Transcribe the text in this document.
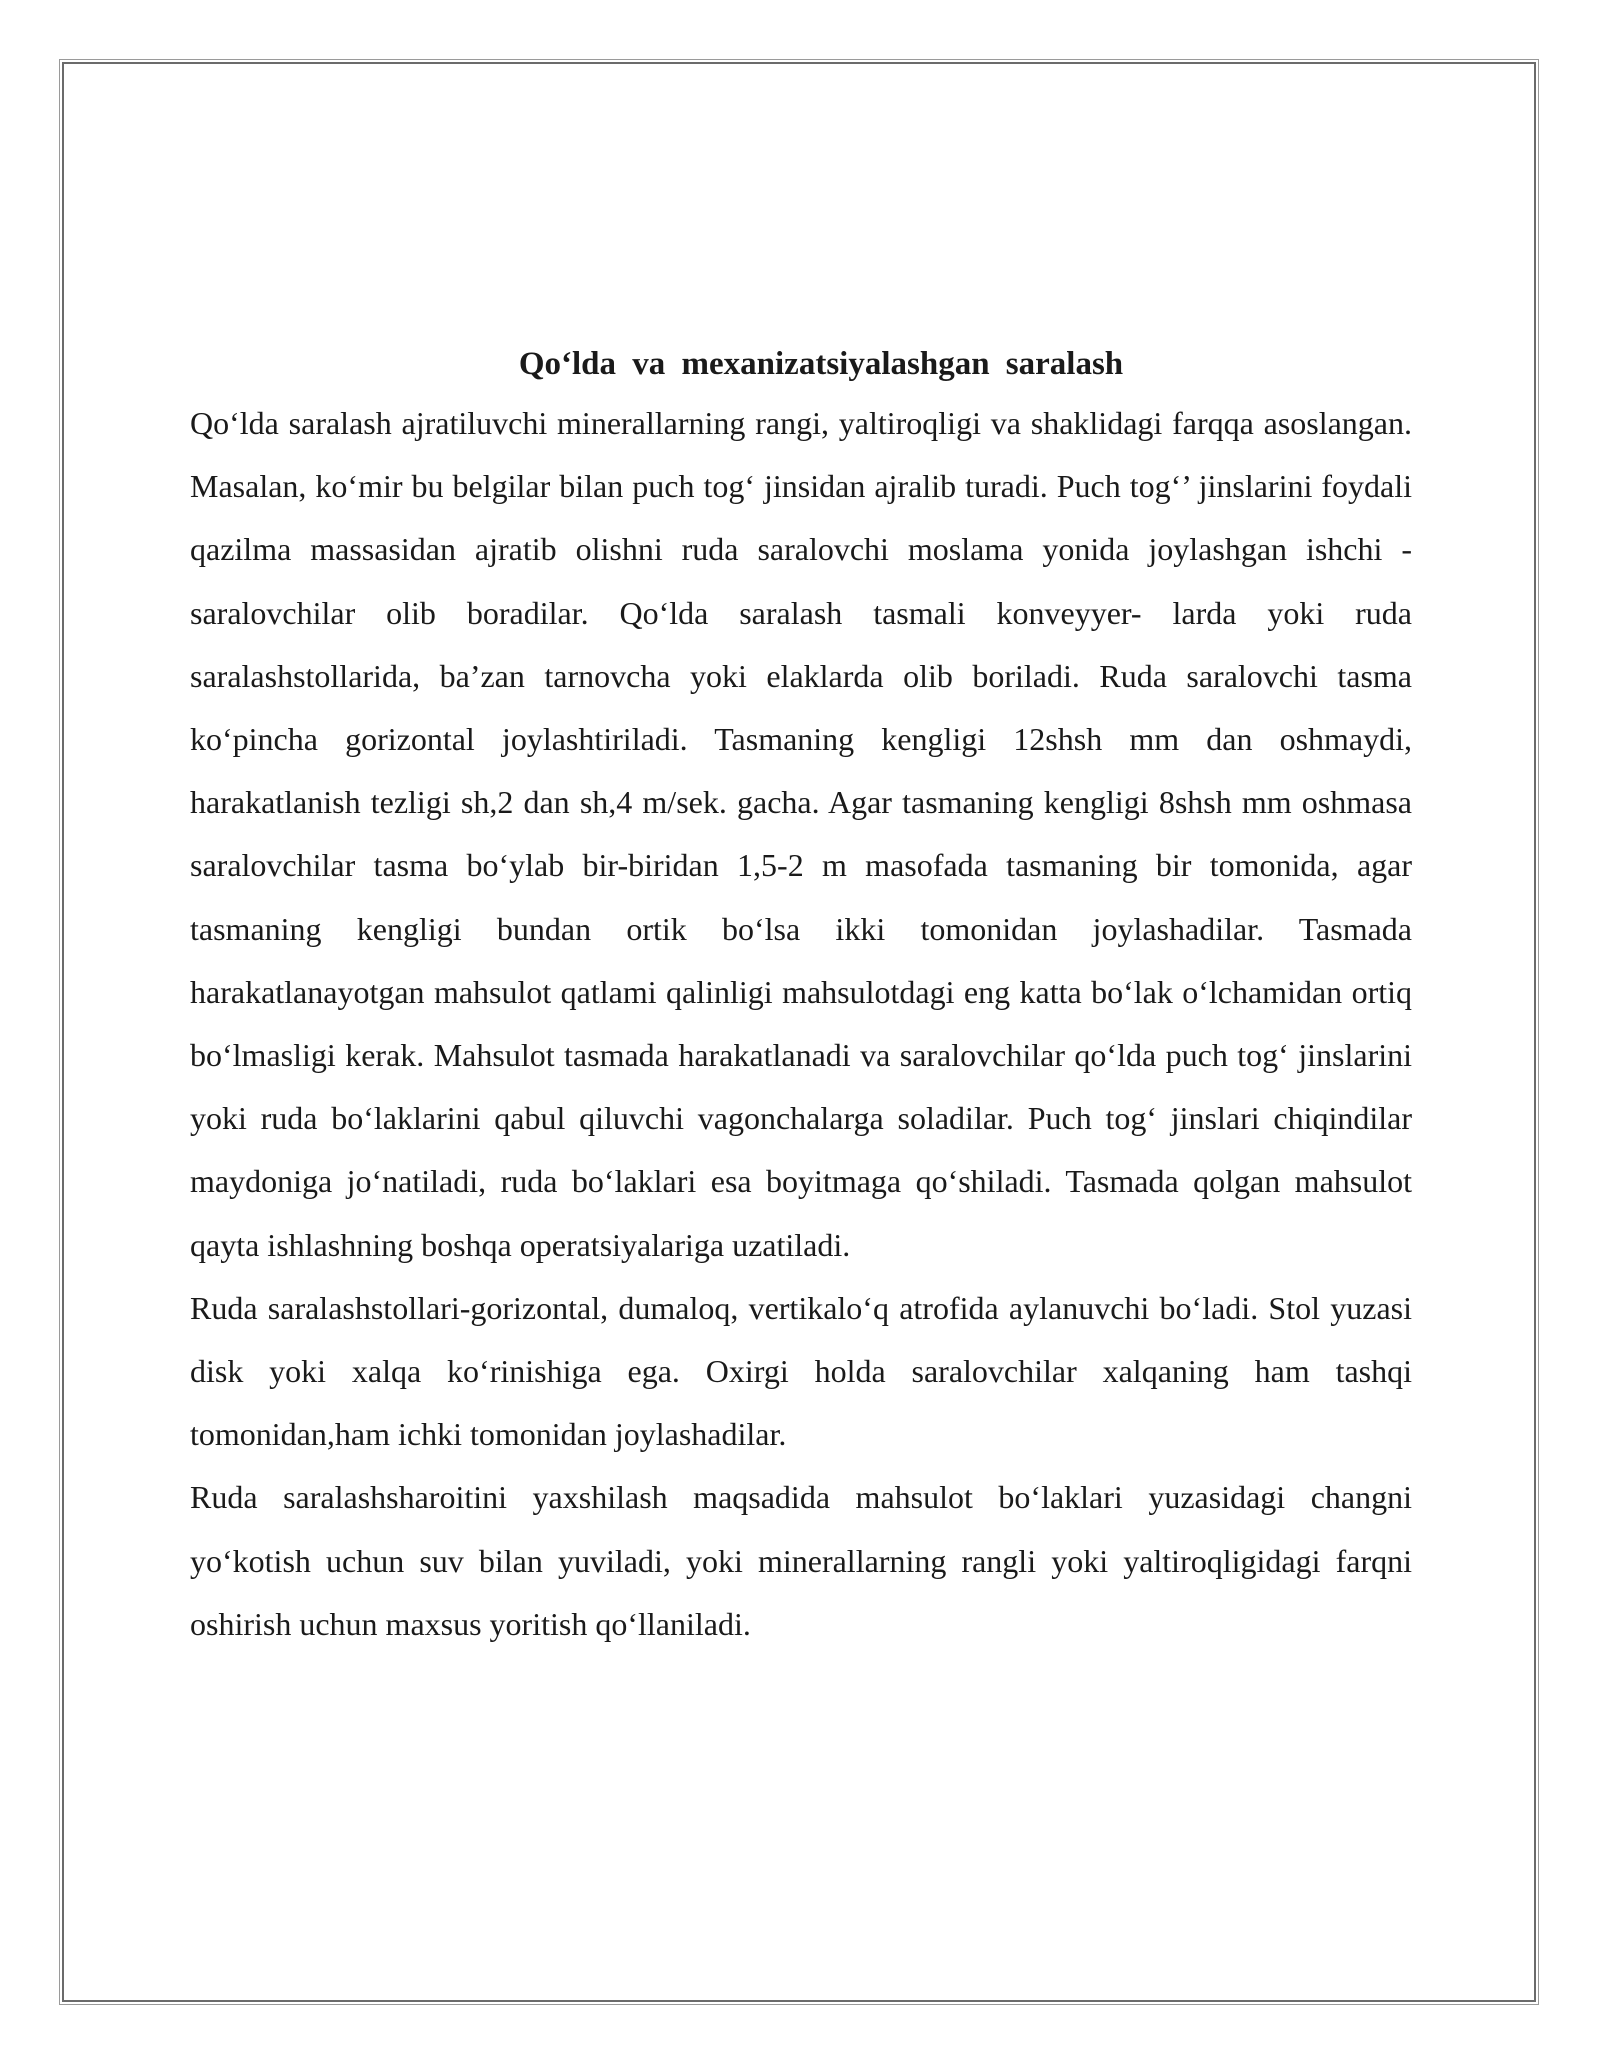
Qo‘lda va mexanizatsiyalashgan saralash

Qo‘lda saralash ajratiluvchi minerallarning rangi, yaltiroqligi va shaklidagi farqqa asoslangan. Masalan, ko‘mir bu belgilar bilan puch tog‘ jinsidan ajralib turadi. Puch tog‘’ jinslarini foydali qazilma massasidan ajratib olishni ruda saralovchi moslama yonida joylashgan ishchi - saralovchilar olib boradilar. Qo‘lda saralash tasmali konveyyer- larda yoki ruda saralashstollarida, ba’zan tarnovcha yoki elaklarda olib boriladi. Ruda saralovchi tasma ko‘pincha gorizontal joylashtiriladi. Tasmaning kengligi 12shsh mm dan oshmaydi, harakatlanish tezligi sh,2 dan sh,4 m/sek. gacha. Agar tasmaning kengligi 8shsh mm oshmasa saralovchilar tasma bo‘ylab bir-biridan 1,5-2 m masofada tasmaning bir tomonida, agar tasmaning kengligi bundan ortik bo‘lsa ikki tomonidan joylashadilar. Tasmada harakatlanayotgan mahsulot qatlami qalinligi mahsulotdagi eng katta bo‘lak o‘lchamidan ortiq bo‘lmasligi kerak. Mahsulot tasmada harakatlanadi va saralovchilar qo‘lda puch tog‘ jinslarini yoki ruda bo‘laklarini qabul qiluvchi vagonchalarga soladilar. Puch tog‘ jinslari chiqindilar maydoniga jo‘natiladi, ruda bo‘laklari esa boyitmaga qo‘shiladi. Tasmada qolgan mahsulot qayta ishlashning boshqa operatsiyalariga uzatiladi.

Ruda saralashstollari-gorizontal, dumaloq, vertikalo‘q atrofida aylanuvchi bo‘ladi. Stol yuzasi disk yoki xalqa ko‘rinishiga ega. Oxirgi holda saralovchilar xalqaning ham tashqi tomonidan,ham ichki tomonidan joylashadilar.

Ruda saralashsharoitini yaxshilash maqsadida mahsulot bo‘laklari yuzasidagi changni yo‘kotish uchun suv bilan yuviladi, yoki minerallarning rangli yoki yaltiroqligidagi farqni oshirish uchun maxsus yoritish qo‘llaniladi.
